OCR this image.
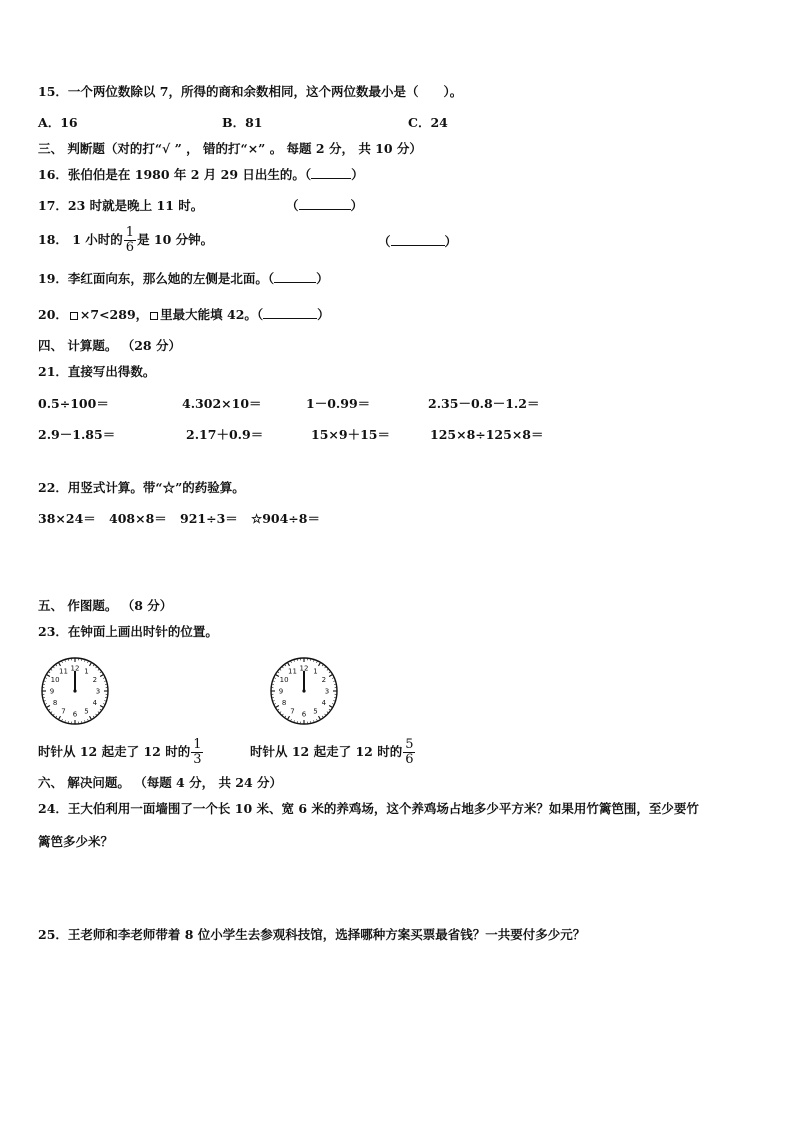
15．一个两位数除以 7，所得的商和余数相同，这个两位数最小是（　　）。
A．16	B．81	C．24
三、 判断题（对的打“√ ” ， 错的打“×” 。 每题 2 分， 共 10 分）
16．张伯伯是在 1980 年 2 月 29 日出生的。（	）
17．23 时就是晚上 11 时。	（	）
18． 1 小时的 $\frac{1}{6}$ 是 10 分钟。	（	）
19．李红面向东，那么她的左侧是北面。（	）
20． ×7<289， 里最大能填 42。（	）
四、 计算题。 （28 分）
21．直接写出得数。
0.5÷100＝	4.302×10＝	1－0.99＝	2.35－0.8－1.2＝
2.9－1.85＝	2.17＋0.9＝	15×9＋15＝	125×8÷125×8＝
22．用竖式计算。带“☆”的药验算。
38×24＝ 408×8＝ 921÷3＝ ☆904÷8＝
五、 作图题。 （8 分）
23．在钟面上画出时针的位置。
12 1
2
3
4
5
6
7
8
9
10
11	12 1
2
3
4
5
6
7
8
9
10
11
时针从 12 起走了 12 时的 $\frac{1}{3}$	时针从 12 起走了 12 时的 $\frac{5}{6}$
六、 解决问题。 （每题 4 分， 共 24 分）
24．王大伯利用一面墙围了一个长 10 米、宽 6 米的养鸡场，这个养鸡场占地多少平方米？如果用竹篱笆围，至少要竹
篱笆多少米？
25．王老师和李老师带着 8 位小学生去参观科技馆，选择哪种方案买票最省钱？一共要付多少元？
